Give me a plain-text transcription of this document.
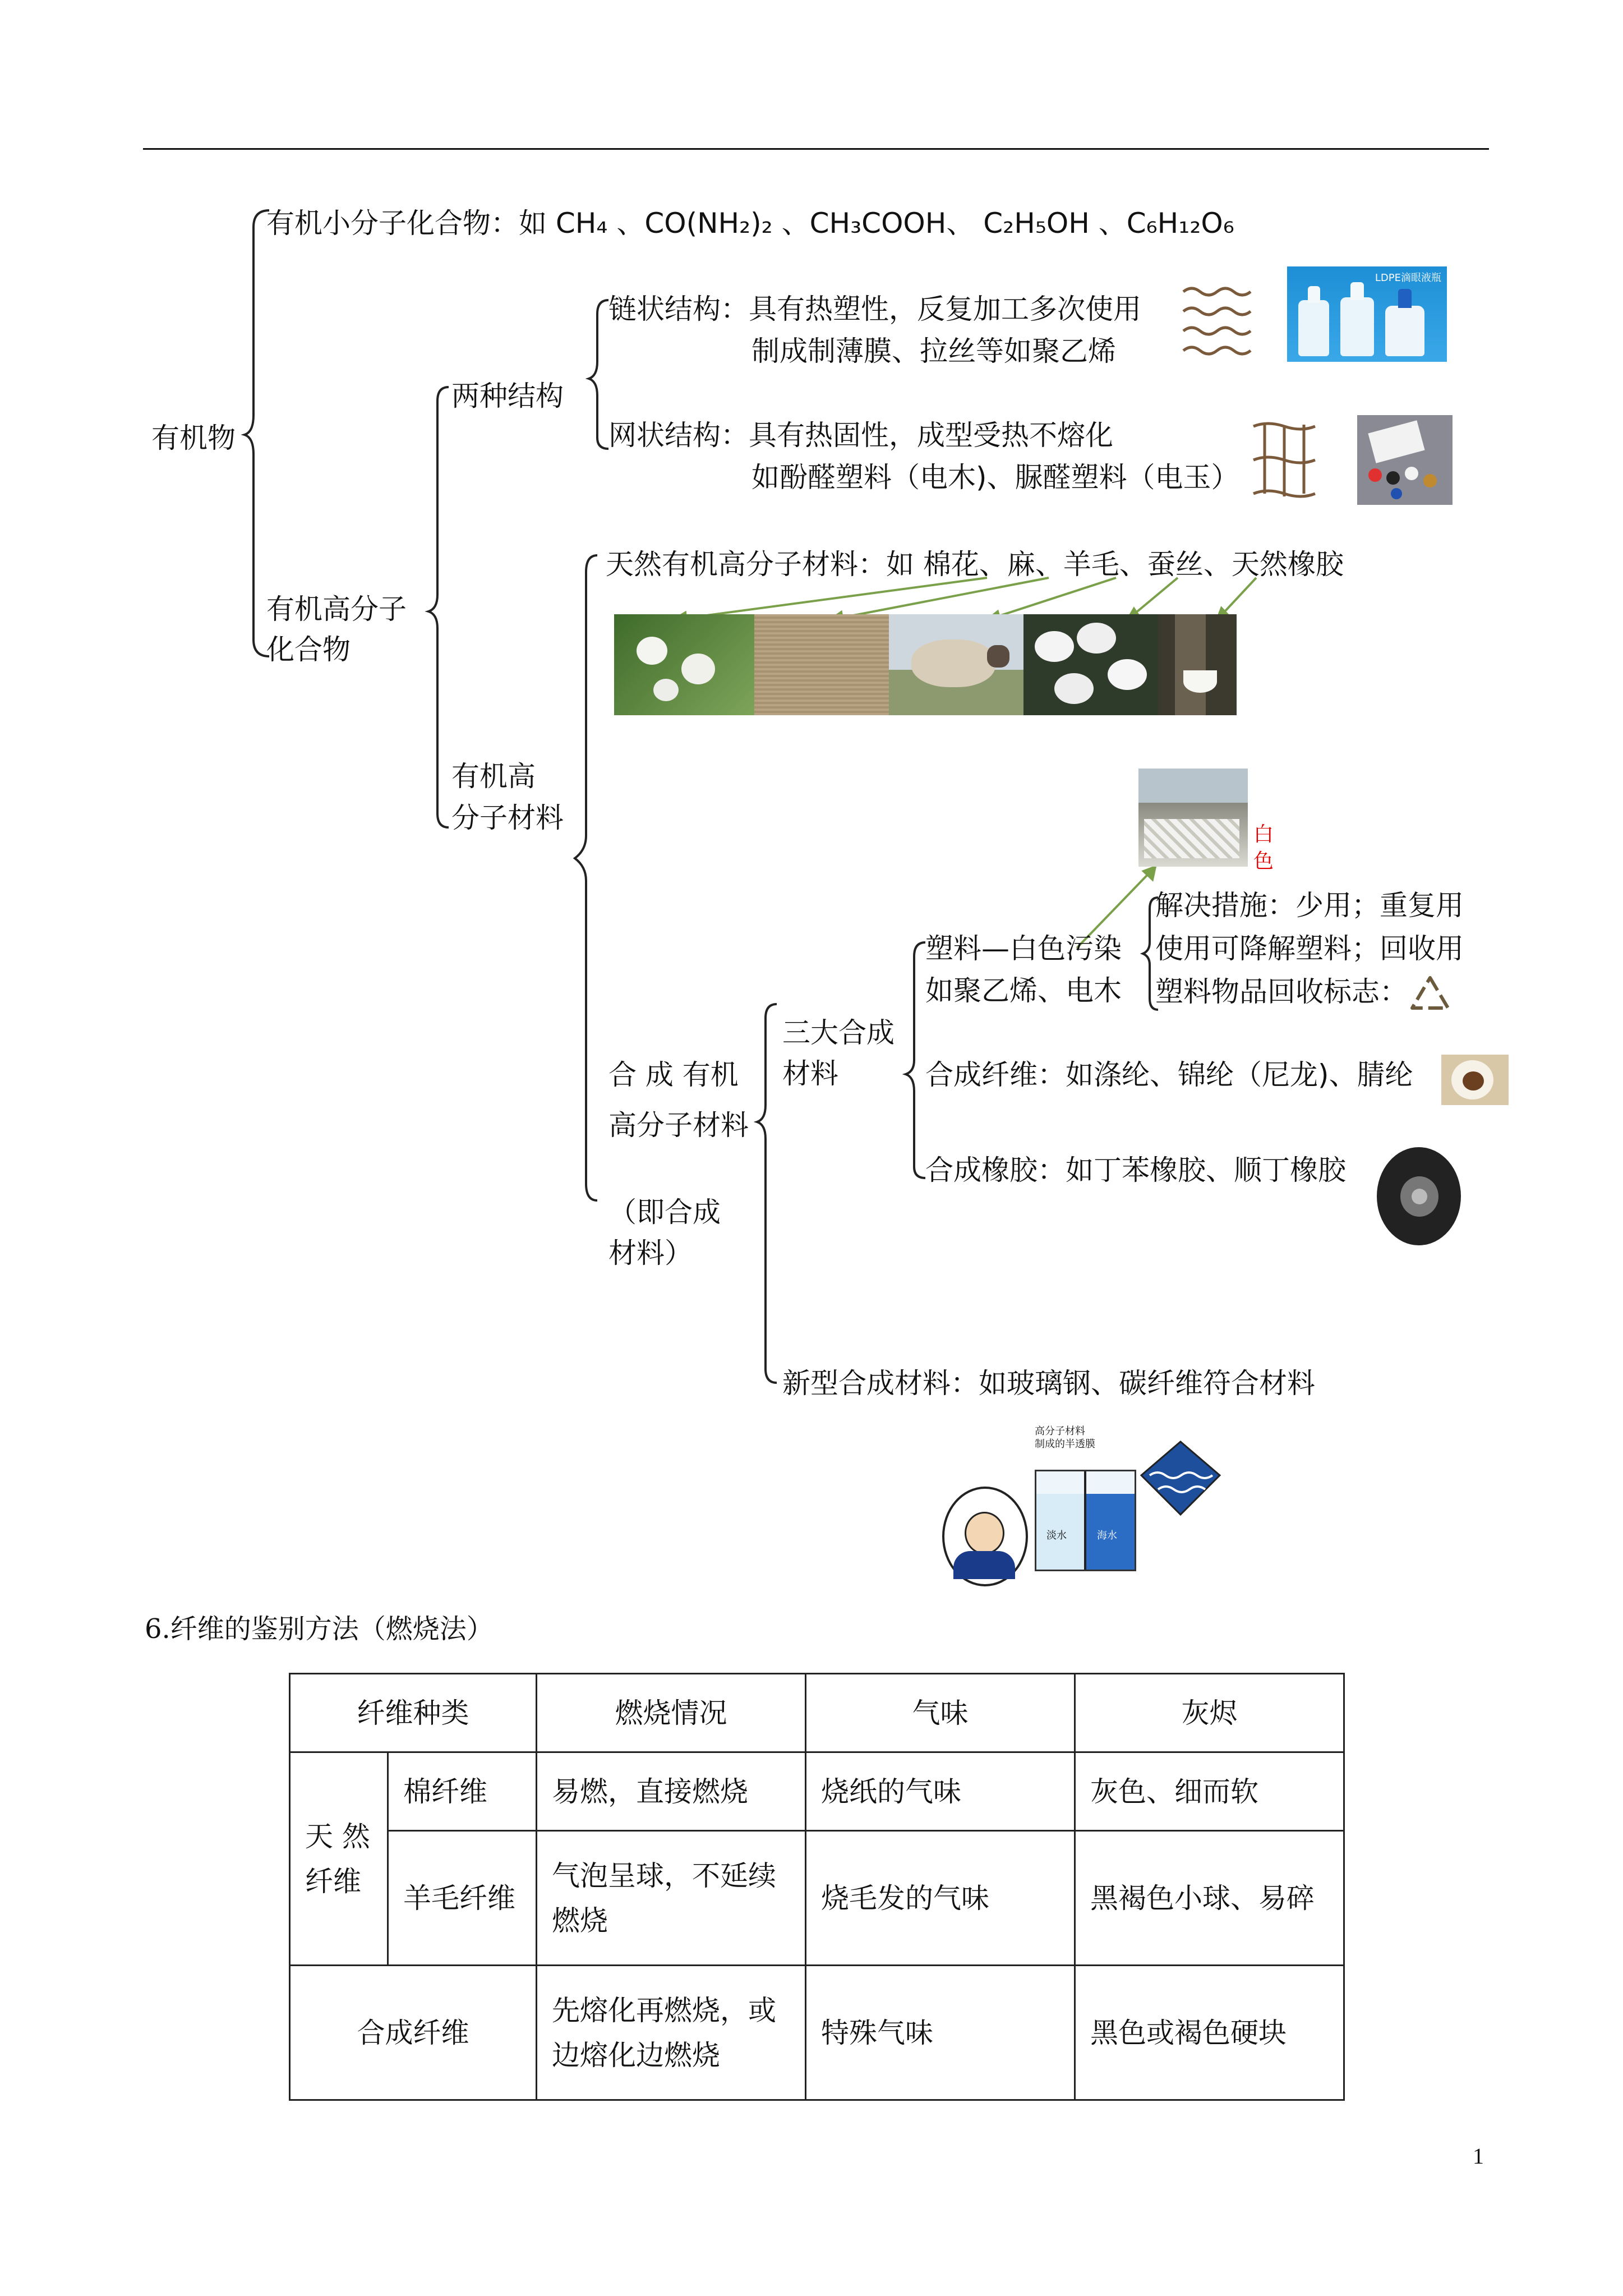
有机物
有机小分子化合物：如 CH₄ 、CO(NH₂)₂ 、CH₃COOH、 C₂H₅OH 、C₆H₁₂O₆
有机高分子
化合物
两种结构
链状结构：具有热塑性，反复加工多次使用
制成制薄膜、拉丝等如聚乙烯
网状结构：具有热固性，成型受热不熔化
如酚醛塑料（电木)、脲醛塑料（电玉）
有机高
分子材料
天然有机高分子材料：如 棉花、麻、羊毛、蚕丝、天然橡胶
合 成 有机
高分子材料
（即合成
材料）
三大合成
材料
塑料—白色污染
如聚乙烯、电木
解决措施：少用；重复用
使用可降解塑料；回收用
塑料物品回收标志：
合成纤维：如涤纶、锦纶（尼龙)、腈纶
合成橡胶：如丁苯橡胶、顺丁橡胶
新型合成材料：如玻璃钢、碳纤维符合材料
白
色
LDPE滴眼液瓶
高分子材料
制成的半透膜
淡水	海水
6.纤维的鉴别方法（燃烧法）
纤维种类		燃烧情况	气味	灰烬

天 然
纤维	棉纤维	易燃，直接燃烧	烧纸的气味	灰色、细而软
	羊毛纤维	气泡呈球，不延续
燃烧	烧毛发的气味	黑褐色小球、易碎
合成纤维		先熔化再燃烧，或
边熔化边燃烧	特殊气味	黑色或褐色硬块
1
